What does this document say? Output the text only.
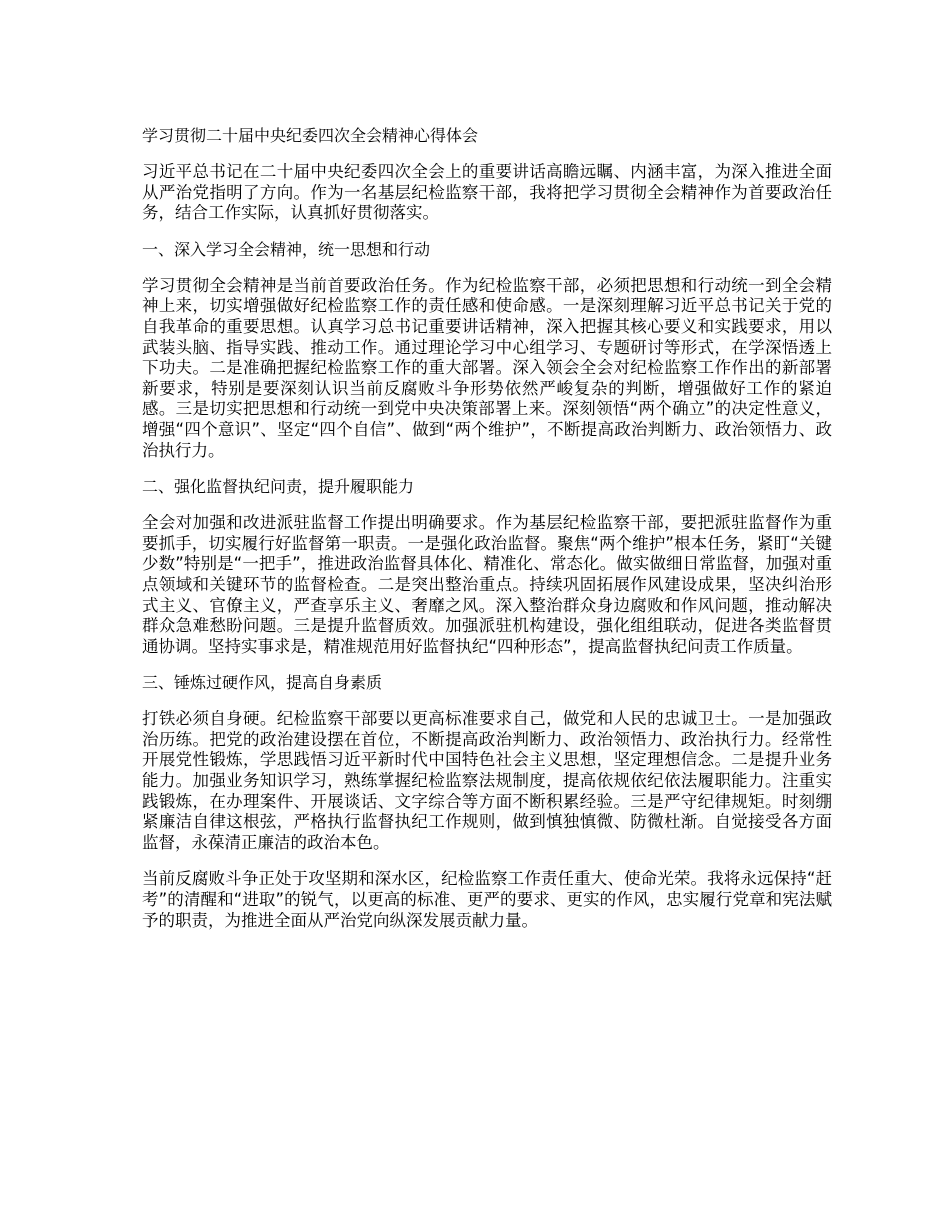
学习贯彻二十届中央纪委四次全会精神心得体会

习近平总书记在二十届中央纪委四次全会上的重要讲话高瞻远瞩、内涵丰富，为深入推进全面从严治党指明了方向。作为一名基层纪检监察干部，我将把学习贯彻全会精神作为首要政治任务，结合工作实际，认真抓好贯彻落实。

一、深入学习全会精神，统一思想和行动

学习贯彻全会精神是当前首要政治任务。作为纪检监察干部，必须把思想和行动统一到全会精神上来，切实增强做好纪检监察工作的责任感和使命感。一是深刻理解习近平总书记关于党的自我革命的重要思想。认真学习总书记重要讲话精神，深入把握其核心要义和实践要求，用以武装头脑、指导实践、推动工作。通过理论学习中心组学习、专题研讨等形式，在学深悟透上下功夫。二是准确把握纪检监察工作的重大部署。深入领会全会对纪检监察工作作出的新部署新要求，特别是要深刻认识当前反腐败斗争形势依然严峻复杂的判断，增强做好工作的紧迫感。三是切实把思想和行动统一到党中央决策部署上来。深刻领悟“两个确立”的决定性意义，增强“四个意识”、坚定“四个自信”、做到“两个维护”，不断提高政治判断力、政治领悟力、政治执行力。

二、强化监督执纪问责，提升履职能力

全会对加强和改进派驻监督工作提出明确要求。作为基层纪检监察干部，要把派驻监督作为重要抓手，切实履行好监督第一职责。一是强化政治监督。聚焦“两个维护”根本任务，紧盯“关键少数”特别是“一把手”，推进政治监督具体化、精准化、常态化。做实做细日常监督，加强对重点领域和关键环节的监督检查。二是突出整治重点。持续巩固拓展作风建设成果，坚决纠治形式主义、官僚主义，严查享乐主义、奢靡之风。深入整治群众身边腐败和作风问题，推动解决群众急难愁盼问题。三是提升监督质效。加强派驻机构建设，强化组组联动，促进各类监督贯通协调。坚持实事求是，精准规范用好监督执纪“四种形态”，提高监督执纪问责工作质量。

三、锤炼过硬作风，提高自身素质

打铁必须自身硬。纪检监察干部要以更高标准要求自己，做党和人民的忠诚卫士。一是加强政治历练。把党的政治建设摆在首位，不断提高政治判断力、政治领悟力、政治执行力。经常性开展党性锻炼，学思践悟习近平新时代中国特色社会主义思想，坚定理想信念。二是提升业务能力。加强业务知识学习，熟练掌握纪检监察法规制度，提高依规依纪依法履职能力。注重实践锻炼，在办理案件、开展谈话、文字综合等方面不断积累经验。三是严守纪律规矩。时刻绷紧廉洁自律这根弦，严格执行监督执纪工作规则，做到慎独慎微、防微杜渐。自觉接受各方面监督，永葆清正廉洁的政治本色。

当前反腐败斗争正处于攻坚期和深水区，纪检监察工作责任重大、使命光荣。我将永远保持“赶考”的清醒和“进取”的锐气，以更高的标准、更严的要求、更实的作风，忠实履行党章和宪法赋予的职责，为推进全面从严治党向纵深发展贡献力量。
